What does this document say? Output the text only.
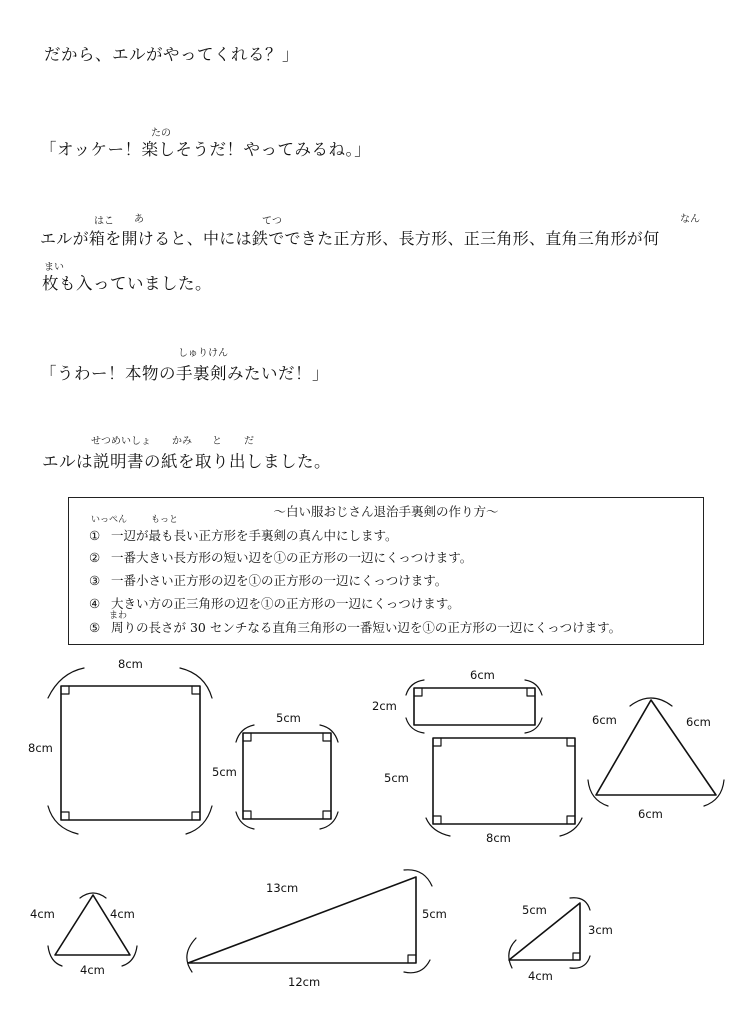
だから、エルがやってくれる？」
たの
「オッケー！楽しそうだ！やってみるね。」
はこ あ	てつ	なん
エルが箱を開けると、中には鉄でできた正方形、長方形、正三角形、直角三角形が何
まい
枚も入っていました。
しゅりけん
「うわー！本物の手裏剣みたいだ！」
せつめいしょ かみ と だ
エルは説明書の紙を取り出しました。
〜白い服おじさん退治手裏剣の作り方〜
いっぺん	もっと
① 一辺が最も長い正方形を手裏剣の真ん中にします。
② 一番大きい長方形の短い辺を①の正方形の一辺にくっつけます。
③ 一番小さい正方形の辺を①の正方形の一辺にくっつけます。
④ 大きい方の正三角形の辺を①の正方形の一辺にくっつけます。
まわ
⑤ 周りの長さが 30 センチなる直角三角形の一番短い辺を①の正方形の一辺にくっつけます。
8cm
8cm
5cm
5cm
6cm
2cm
5cm
8cm
6cm	6cm
6cm
4cm	4cm
4cm
13cm
5cm
12cm
5cm
3cm
4cm
